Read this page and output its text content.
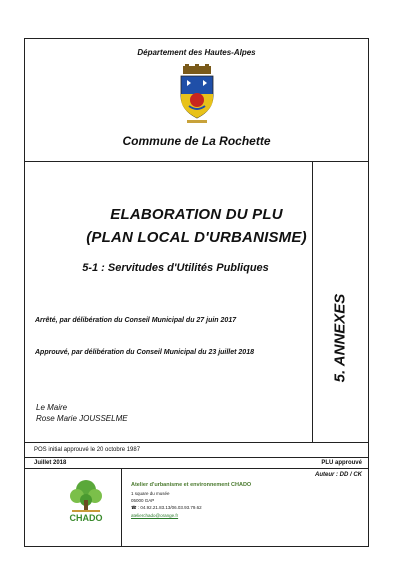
Département des Hautes-Alpes
Commune de La Rochette
ELABORATION DU PLU
(PLAN LOCAL D'URBANISME)
5-1 : Servitudes d'Utilités Publiques
Arrêté, par délibération du Conseil Municipal du 27 juin 2017
Approuvé, par délibération du Conseil Municipal du 23 juillet 2018
Le Maire
Rose Marie JOUSSELME
5. ANNEXES
POS initial approuvé le 20 octobre 1987
Juillet 2018	PLU approuvé
Auteur : DD / CK
CHADO
Atelier d'urbanisme et environnement CHADO
1 square du musée
05000 GAP
☎ : 04.92.21.83.13/06.03.93.79.62
atelierchado@orange.fr
